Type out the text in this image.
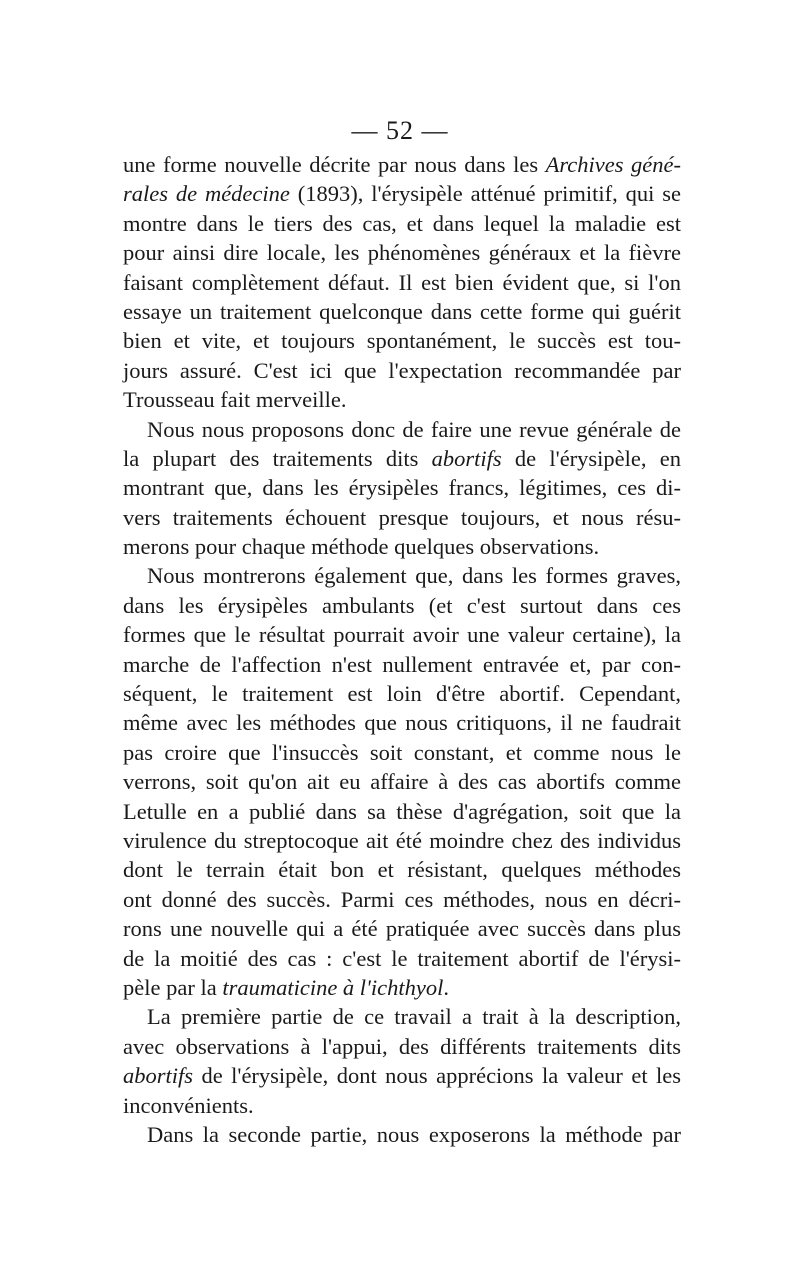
— 52 —
une forme nouvelle décrite par nous dans les Archives géné-
rales de médecine (1893), l'érysipèle atténué primitif, qui se
montre dans le tiers des cas, et dans lequel la maladie est
pour ainsi dire locale, les phénomènes généraux et la fièvre
faisant complètement défaut. Il est bien évident que, si l'on
essaye un traitement quelconque dans cette forme qui guérit
bien et vite, et toujours spontanément, le succès est tou-
jours assuré. C'est ici que l'expectation recommandée par
Trousseau fait merveille.
Nous nous proposons donc de faire une revue générale de
la plupart des traitements dits abortifs de l'érysipèle, en
montrant que, dans les érysipèles francs, légitimes, ces di-
vers traitements échouent presque toujours, et nous résu-
merons pour chaque méthode quelques observations.
Nous montrerons également que, dans les formes graves,
dans les érysipèles ambulants (et c'est surtout dans ces
formes que le résultat pourrait avoir une valeur certaine), la
marche de l'affection n'est nullement entravée et, par con-
séquent, le traitement est loin d'être abortif. Cependant,
même avec les méthodes que nous critiquons, il ne faudrait
pas croire que l'insuccès soit constant, et comme nous le
verrons, soit qu'on ait eu affaire à des cas abortifs comme
Letulle en a publié dans sa thèse d'agrégation, soit que la
virulence du streptocoque ait été moindre chez des individus
dont le terrain était bon et résistant, quelques méthodes
ont donné des succès. Parmi ces méthodes, nous en décri-
rons une nouvelle qui a été pratiquée avec succès dans plus
de la moitié des cas : c'est le traitement abortif de l'érysi-
pèle par la traumaticine à l'ichthyol.
La première partie de ce travail a trait à la description,
avec observations à l'appui, des différents traitements dits
abortifs de l'érysipèle, dont nous apprécions la valeur et les
inconvénients.
Dans la seconde partie, nous exposerons la méthode par
